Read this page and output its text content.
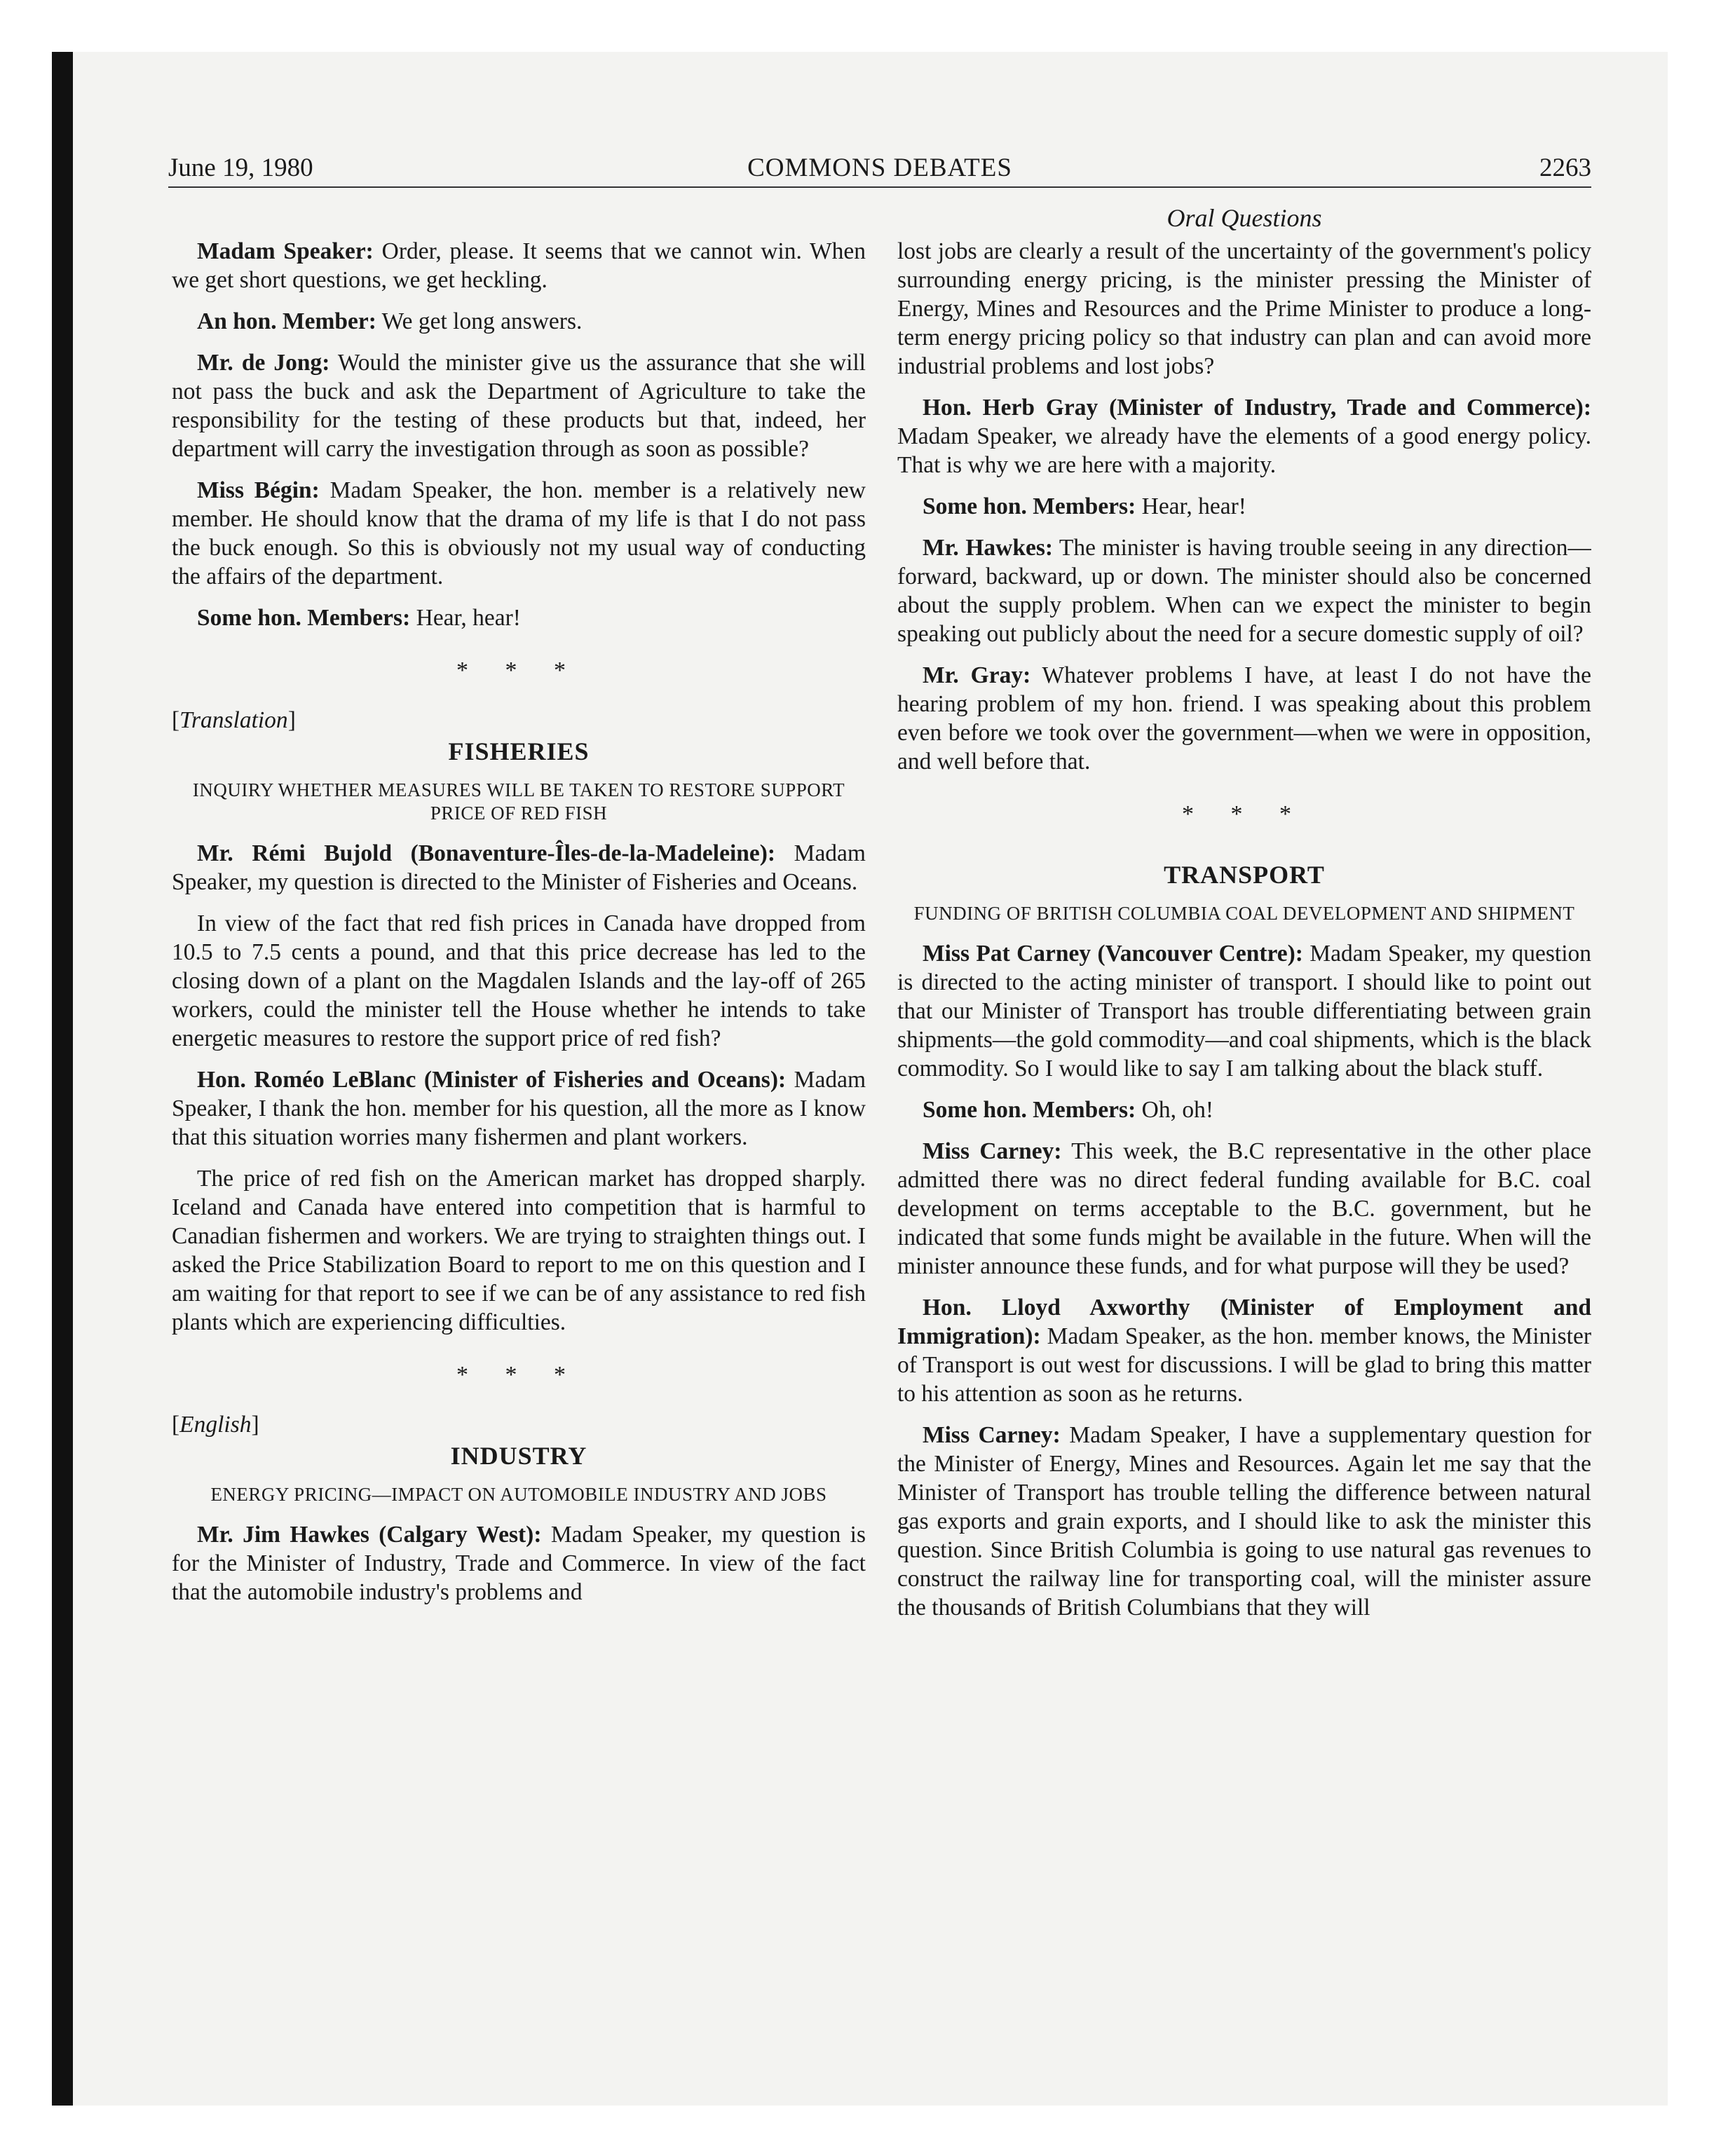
June 19, 1980	COMMONS DEBATES	2263
Oral Questions

Madam Speaker: Order, please. It seems that we cannot win. When we get short questions, we get heckling.

An hon. Member: We get long answers.

Mr. de Jong: Would the minister give us the assurance that she will not pass the buck and ask the Department of Agriculture to take the responsibility for the testing of these products but that, indeed, her department will carry the investigation through as soon as possible?

Miss Bégin: Madam Speaker, the hon. member is a relatively new member. He should know that the drama of my life is that I do not pass the buck enough. So this is obviously not my usual way of conducting the affairs of the department.

Some hon. Members: Hear, hear!

* * *
[Translation]
FISHERIES
INQUIRY WHETHER MEASURES WILL BE TAKEN TO RESTORE SUPPORT PRICE OF RED FISH

Mr. Rémi Bujold (Bonaventure-Îles-de-la-Madeleine): Madam Speaker, my question is directed to the Minister of Fisheries and Oceans.

In view of the fact that red fish prices in Canada have dropped from 10.5 to 7.5 cents a pound, and that this price decrease has led to the closing down of a plant on the Magdalen Islands and the lay-off of 265 workers, could the minister tell the House whether he intends to take energetic measures to restore the support price of red fish?

Hon. Roméo LeBlanc (Minister of Fisheries and Oceans): Madam Speaker, I thank the hon. member for his question, all the more as I know that this situation worries many fishermen and plant workers.

The price of red fish on the American market has dropped sharply. Iceland and Canada have entered into competition that is harmful to Canadian fishermen and workers. We are trying to straighten things out. I asked the Price Stabilization Board to report to me on this question and I am waiting for that report to see if we can be of any assistance to red fish plants which are experiencing difficulties.

* * *
[English]
INDUSTRY
ENERGY PRICING—IMPACT ON AUTOMOBILE INDUSTRY AND JOBS

Mr. Jim Hawkes (Calgary West): Madam Speaker, my question is for the Minister of Industry, Trade and Commerce. In view of the fact that the automobile industry's problems and

lost jobs are clearly a result of the uncertainty of the government's policy surrounding energy pricing, is the minister pressing the Minister of Energy, Mines and Resources and the Prime Minister to produce a long-term energy pricing policy so that industry can plan and can avoid more industrial problems and lost jobs?

Hon. Herb Gray (Minister of Industry, Trade and Commerce): Madam Speaker, we already have the elements of a good energy policy. That is why we are here with a majority.

Some hon. Members: Hear, hear!

Mr. Hawkes: The minister is having trouble seeing in any direction—forward, backward, up or down. The minister should also be concerned about the supply problem. When can we expect the minister to begin speaking out publicly about the need for a secure domestic supply of oil?

Mr. Gray: Whatever problems I have, at least I do not have the hearing problem of my hon. friend. I was speaking about this problem even before we took over the government—when we were in opposition, and well before that.

* * *
TRANSPORT
FUNDING OF BRITISH COLUMBIA COAL DEVELOPMENT AND SHIPMENT

Miss Pat Carney (Vancouver Centre): Madam Speaker, my question is directed to the acting minister of transport. I should like to point out that our Minister of Transport has trouble differentiating between grain shipments—the gold commodity—and coal shipments, which is the black commodity. So I would like to say I am talking about the black stuff.

Some hon. Members: Oh, oh!

Miss Carney: This week, the B.C representative in the other place admitted there was no direct federal funding available for B.C. coal development on terms acceptable to the B.C. government, but he indicated that some funds might be available in the future. When will the minister announce these funds, and for what purpose will they be used?

Hon. Lloyd Axworthy (Minister of Employment and Immigration): Madam Speaker, as the hon. member knows, the Minister of Transport is out west for discussions. I will be glad to bring this matter to his attention as soon as he returns.

Miss Carney: Madam Speaker, I have a supplementary question for the Minister of Energy, Mines and Resources. Again let me say that the Minister of Transport has trouble telling the difference between natural gas exports and grain exports, and I should like to ask the minister this question. Since British Columbia is going to use natural gas revenues to construct the railway line for transporting coal, will the minister assure the thousands of British Columbians that they will
